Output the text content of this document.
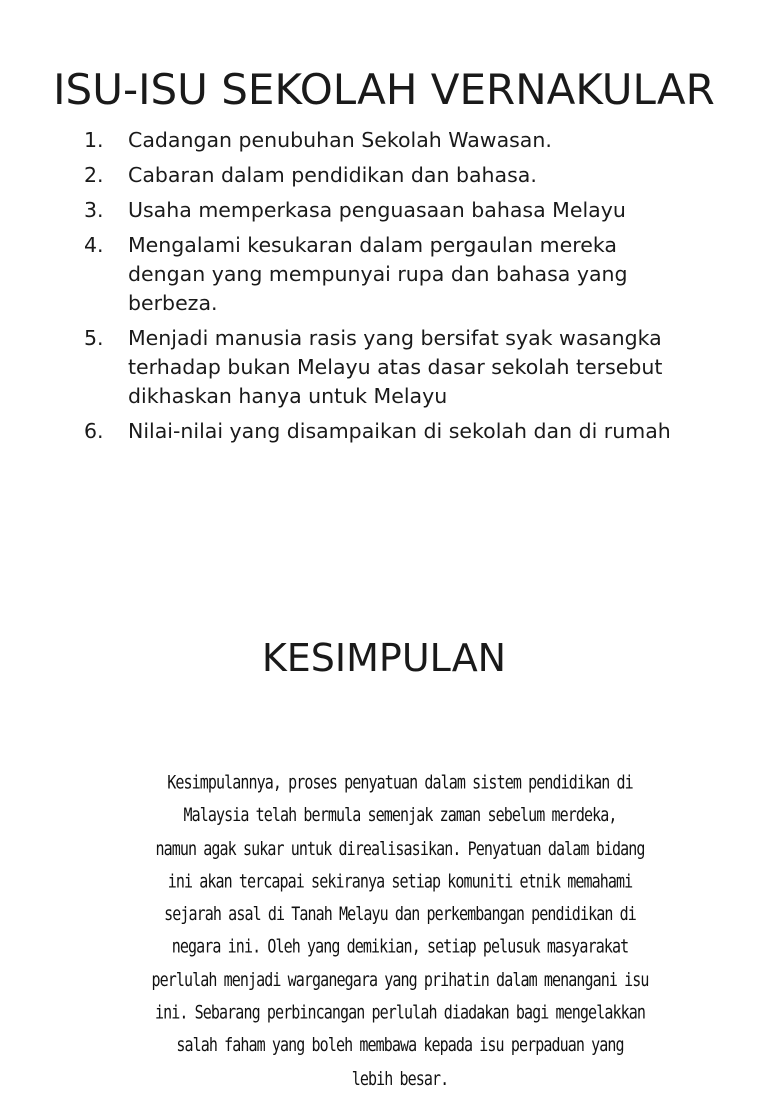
ISU-ISU SEKOLAH VERNAKULAR
1.	Cadangan penubuhan Sekolah Wawasan.
2.	Cabaran dalam pendidikan dan bahasa.
3.	Usaha memperkasa penguasaan bahasa Melayu
4.	Mengalami kesukaran dalam pergaulan mereka
dengan yang mempunyai rupa dan bahasa yang
berbeza.
5.	Menjadi manusia rasis yang bersifat syak wasangka
terhadap bukan Melayu atas dasar sekolah tersebut
dikhaskan hanya untuk Melayu
6.	Nilai-nilai yang disampaikan di sekolah dan di rumah
KESIMPULAN

Kesimpulannya, proses penyatuan dalam sistem pendidikan di
Malaysia telah bermula semenjak zaman sebelum merdeka,
namun agak sukar untuk direalisasikan. Penyatuan dalam bidang
ini akan tercapai sekiranya setiap komuniti etnik memahami
sejarah asal di Tanah Melayu dan perkembangan pendidikan di
negara ini. Oleh yang demikian, setiap pelusuk masyarakat
perlulah menjadi warganegara yang prihatin dalam menangani isu
ini. Sebarang perbincangan perlulah diadakan bagi mengelakkan
salah faham yang boleh membawa kepada isu perpaduan yang
lebih besar.
